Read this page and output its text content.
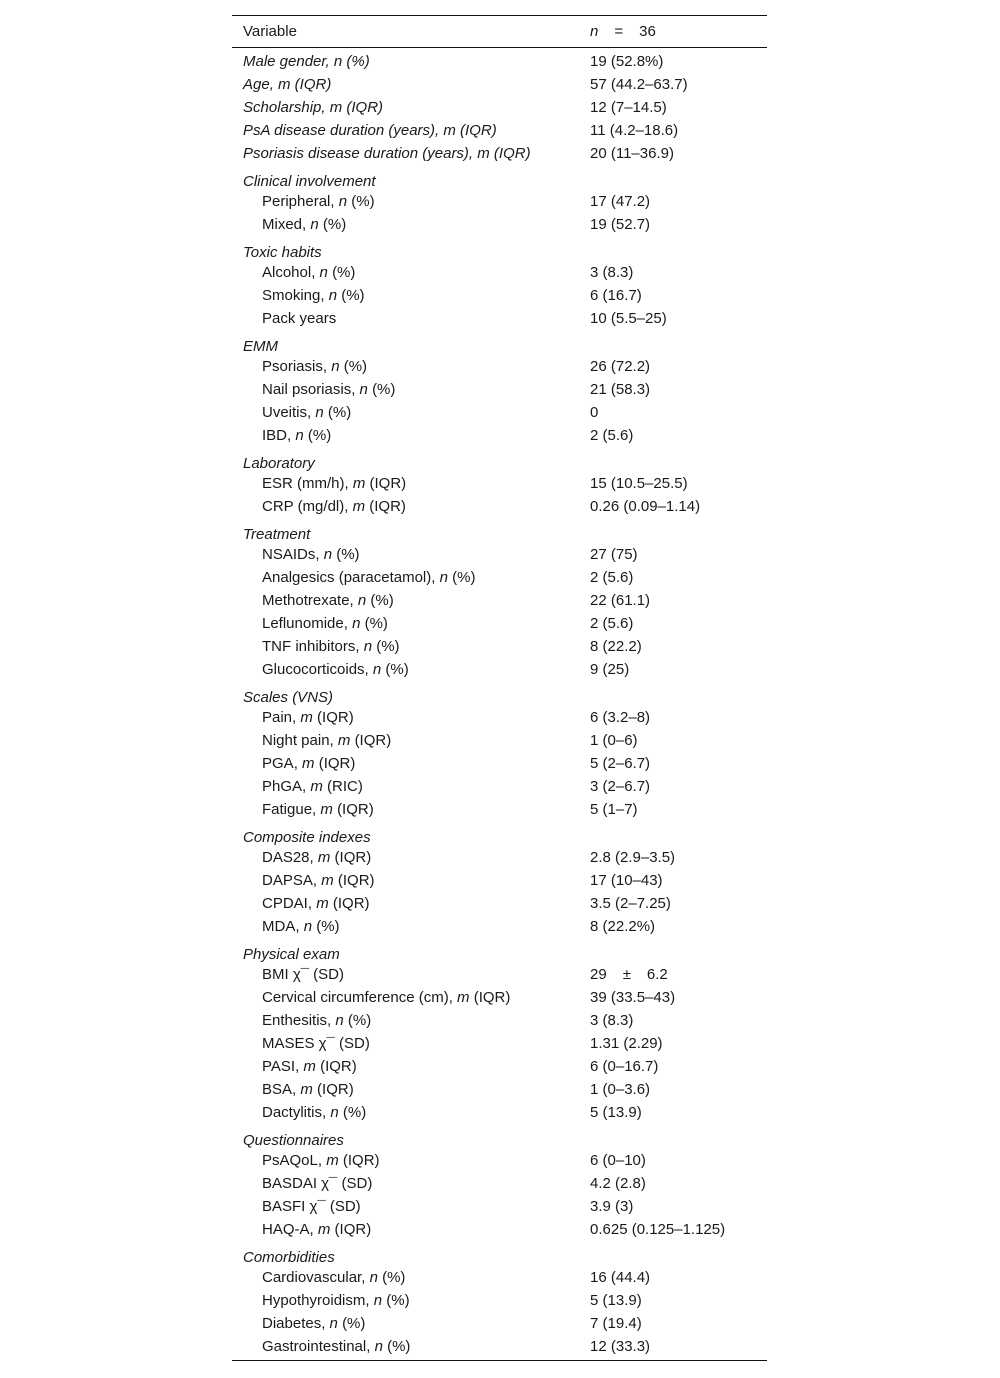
Variable	n = 36
Male gender, n (%)	19 (52.8%)
Age, m (IQR)	57 (44.2–63.7)
Scholarship, m (IQR)	12 (7–14.5)
PsA disease duration (years), m (IQR)	11 (4.2–18.6)
Psoriasis disease duration (years), m (IQR)	20 (11–36.9)
Clinical involvement
Peripheral, n (%)	17 (47.2)
Mixed, n (%)	19 (52.7)
Toxic habits
Alcohol, n (%)	3 (8.3)
Smoking, n (%)	6 (16.7)
Pack years	10 (5.5–25)
EMM
Psoriasis, n (%)	26 (72.2)
Nail psoriasis, n (%)	21 (58.3)
Uveitis, n (%)	0
IBD, n (%)	2 (5.6)
Laboratory
ESR (mm/h), m (IQR)	15 (10.5–25.5)
CRP (mg/dl), m (IQR)	0.26 (0.09–1.14)
Treatment
NSAIDs, n (%)	27 (75)
Analgesics (paracetamol), n (%)	2 (5.6)
Methotrexate, n (%)	22 (61.1)
Leflunomide, n (%)	2 (5.6)
TNF inhibitors, n (%)	8 (22.2)
Glucocorticoids, n (%)	9 (25)
Scales (VNS)
Pain, m (IQR)	6 (3.2–8)
Night pain, m (IQR)	1 (0–6)
PGA, m (IQR)	5 (2–6.7)
PhGA, m (RIC)	3 (2–6.7)
Fatigue, m (IQR)	5 (1–7)
Composite indexes
DAS28, m (IQR)	2.8 (2.9–3.5)
DAPSA, m (IQR)	17 (10–43)
CPDAI, m (IQR)	3.5 (2–7.25)
MDA, n (%)	8 (22.2%)
Physical exam
BMI χ¯ (SD)	29 ± 6.2
Cervical circumference (cm), m (IQR)	39 (33.5–43)
Enthesitis, n (%)	3 (8.3)
MASES χ¯ (SD)	1.31 (2.29)
PASI, m (IQR)	6 (0–16.7)
BSA, m (IQR)	1 (0–3.6)
Dactylitis, n (%)	5 (13.9)
Questionnaires
PsAQoL, m (IQR)	6 (0–10)
BASDAI χ¯ (SD)	4.2 (2.8)
BASFI χ¯ (SD)	3.9 (3)
HAQ-A, m (IQR)	0.625 (0.125–1.125)
Comorbidities
Cardiovascular, n (%)	16 (44.4)
Hypothyroidism, n (%)	5 (13.9)
Diabetes, n (%)	7 (19.4)
Gastrointestinal, n (%)	12 (33.3)
